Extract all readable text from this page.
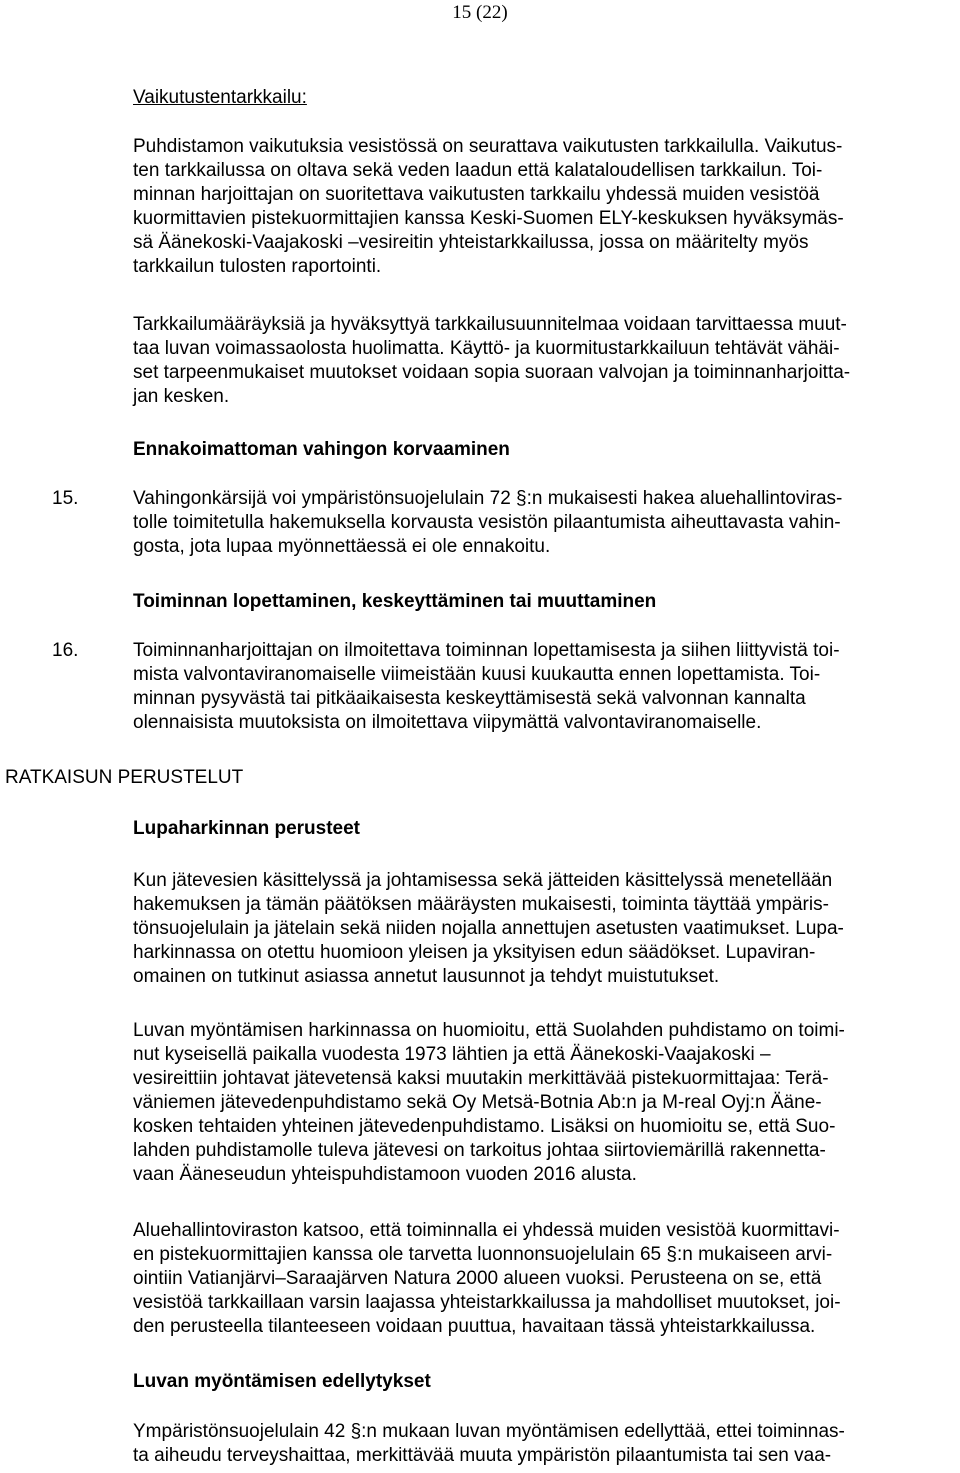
15 (22)
Vaikutustentarkkailu:
Puhdistamon vaikutuksia vesistössä on seurattava vaikutusten tarkkailulla. Vaikutus-
ten tarkkailussa on oltava sekä veden laadun että kalataloudellisen tarkkailun. Toi-
minnan harjoittajan on suoritettava vaikutusten tarkkailu yhdessä muiden vesistöä
kuormittavien pistekuormittajien kanssa Keski-Suomen ELY-keskuksen hyväksymäs-
sä Äänekoski-Vaajakoski –vesireitin yhteistarkkailussa, jossa on määritelty myös
tarkkailun tulosten raportointi.
Tarkkailumääräyksiä ja hyväksyttyä tarkkailusuunnitelmaa voidaan tarvittaessa muut-
taa luvan voimassaolosta huolimatta. Käyttö- ja kuormitustarkkailuun tehtävät vähäi-
set tarpeenmukaiset muutokset voidaan sopia suoraan valvojan ja toiminnanharjoitta-
jan kesken.
Ennakoimattoman vahingon korvaaminen
15.	Vahingonkärsijä voi ympäristönsuojelulain 72 §:n mukaisesti hakea aluehallintoviras-
tolle toimitetulla hakemuksella korvausta vesistön pilaantumista aiheuttavasta vahin-
gosta, jota lupaa myönnettäessä ei ole ennakoitu.
Toiminnan lopettaminen, keskeyttäminen tai muuttaminen
16.	Toiminnanharjoittajan on ilmoitettava toiminnan lopettamisesta ja siihen liittyvistä toi-
mista valvontaviranomaiselle viimeistään kuusi kuukautta ennen lopettamista. Toi-
minnan pysyvästä tai pitkäaikaisesta keskeyttämisestä sekä valvonnan kannalta
olennaisista muutoksista on ilmoitettava viipymättä valvontaviranomaiselle.
RATKAISUN PERUSTELUT
Lupaharkinnan perusteet
Kun jätevesien käsittelyssä ja johtamisessa sekä jätteiden käsittelyssä menetellään
hakemuksen ja tämän päätöksen määräysten mukaisesti, toiminta täyttää ympäris-
tönsuojelulain ja jätelain sekä niiden nojalla annettujen asetusten vaatimukset. Lupa-
harkinnassa on otettu huomioon yleisen ja yksityisen edun säädökset. Lupaviran-
omainen on tutkinut asiassa annetut lausunnot ja tehdyt muistutukset.
Luvan myöntämisen harkinnassa on huomioitu, että Suolahden puhdistamo on toimi-
nut kyseisellä paikalla vuodesta 1973 lähtien ja että Äänekoski-Vaajakoski –
vesireittiin johtavat jätevetensä kaksi muutakin merkittävää pistekuormittajaa: Terä-
väniemen jätevedenpuhdistamo sekä Oy Metsä-Botnia Ab:n ja M-real Oyj:n Ääne-
kosken tehtaiden yhteinen jätevedenpuhdistamo. Lisäksi on huomioitu se, että Suo-
lahden puhdistamolle tuleva jätevesi on tarkoitus johtaa siirtoviemärillä rakennetta-
vaan Ääneseudun yhteispuhdistamoon vuoden 2016 alusta.
Aluehallintoviraston katsoo, että toiminnalla ei yhdessä muiden vesistöä kuormittavi-
en pistekuormittajien kanssa ole tarvetta luonnonsuojelulain 65 §:n mukaiseen arvi-
ointiin Vatianjärvi–Saraajärven Natura 2000 alueen vuoksi. Perusteena on se, että
vesistöä tarkkaillaan varsin laajassa yhteistarkkailussa ja mahdolliset muutokset, joi-
den perusteella tilanteeseen voidaan puuttua, havaitaan tässä yhteistarkkailussa.
Luvan myöntämisen edellytykset
Ympäristönsuojelulain 42 §:n mukaan luvan myöntämisen edellyttää, ettei toiminnas-
ta aiheudu terveyshaittaa, merkittävää muuta ympäristön pilaantumista tai sen vaa-
